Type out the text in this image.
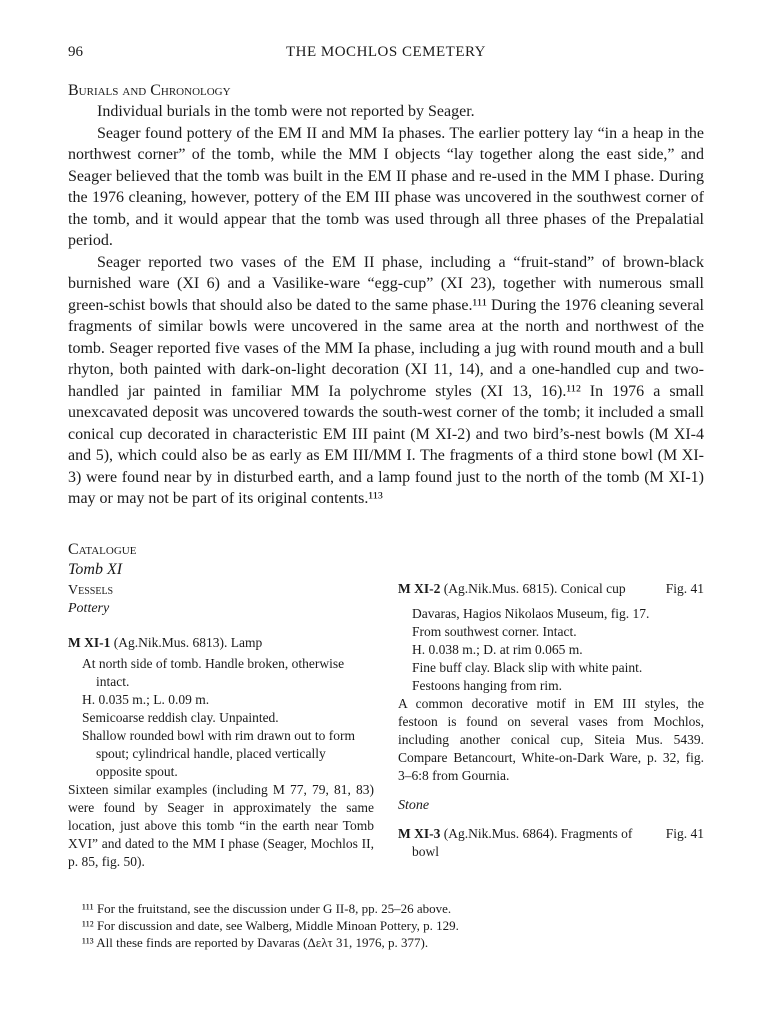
96	THE MOCHLOS CEMETERY

Burials and Chronology

Individual burials in the tomb were not reported by Seager.

Seager found pottery of the EM II and MM Ia phases. The earlier pottery lay “in a heap in the northwest corner” of the tomb, while the MM I objects “lay together along the east side,” and Seager believed that the tomb was built in the EM II phase and re-used in the MM I phase. During the 1976 cleaning, however, pottery of the EM III phase was uncovered in the southwest corner of the tomb, and it would appear that the tomb was used through all three phases of the Prepalatial period.

Seager reported two vases of the EM II phase, including a “fruit-stand” of brown-black burnished ware (XI 6) and a Vasilike-ware “egg-cup” (XI 23), together with numerous small green-schist bowls that should also be dated to the same phase.¹¹¹ During the 1976 cleaning several fragments of similar bowls were uncovered in the same area at the north and northwest of the tomb. Seager reported five vases of the MM Ia phase, including a jug with round mouth and a bull rhyton, both painted with dark-on-light decoration (XI 11, 14), and a one-handled cup and two-handled jar painted in familiar MM Ia polychrome styles (XI 13, 16).¹¹² In 1976 a small unexcavated deposit was uncovered towards the south-west corner of the tomb; it included a small conical cup decorated in characteristic EM III paint (M XI-2) and two bird’s-nest bowls (M XI-4 and 5), which could also be as early as EM III/MM I. The fragments of a third stone bowl (M XI-3) were found near by in disturbed earth, and a lamp found just to the north of the tomb (M XI-1) may or may not be part of its original contents.¹¹³

Catalogue

Tomb XI

Vessels

Pottery

M XI-1 (Ag.Nik.Mus. 6813). Lamp

At north side of tomb. Handle broken, otherwise intact.

H. 0.035 m.; L. 0.09 m.

Semicoarse reddish clay. Unpainted.

Shallow rounded bowl with rim drawn out to form spout; cylindrical handle, placed vertically opposite spout.

Sixteen similar examples (including M 77, 79, 81, 83) were found by Seager in approximately the same location, just above this tomb “in the earth near Tomb XVI” and dated to the MM I phase (Seager, Mochlos II, p. 85, fig. 50).

M XI-2 (Ag.Nik.Mus. 6815). Conical cup	Fig. 41

Davaras, Hagios Nikolaos Museum, fig. 17.

From southwest corner. Intact.

H. 0.038 m.; D. at rim 0.065 m.

Fine buff clay. Black slip with white paint.

Festoons hanging from rim.

A common decorative motif in EM III styles, the festoon is found on several vases from Mochlos, including another conical cup, Siteia Mus. 5439. Compare Betancourt, White-on-Dark Ware, p. 32, fig. 3–6:8 from Gournia.

Stone

M XI-3 (Ag.Nik.Mus. 6864). Fragments of bowl
Fig. 41

¹¹¹ For the fruitstand, see the discussion under G II-8, pp. 25–26 above.

¹¹² For discussion and date, see Walberg, Middle Minoan Pottery, p. 129.

¹¹³ All these finds are reported by Davaras (Δελτ 31, 1976, p. 377).
